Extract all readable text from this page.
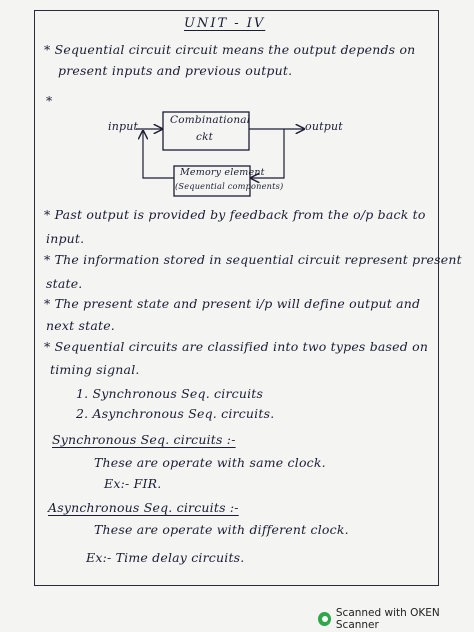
UNIT - IV
* Sequential circuit circuit means the output depends on
present inputs and previous output.
*
input	output
Combinational
ckt
Memory element
(Sequential components)
* Past output is provided by feedback from the o/p back to
input.
* The information stored in sequential circuit represent present
state.
* The present state and present i/p will define output and
next state.
* Sequential circuits are classified into two types based on
timing signal.
1. Synchronous Seq. circuits
2. Asynchronous Seq. circuits.
Synchronous Seq. circuits :-
These are operate with same clock.
Ex:- FIR.
Asynchronous Seq. circuits :-
These are operate with different clock.
Ex:- Time delay circuits.
Scanned with OKEN Scanner
